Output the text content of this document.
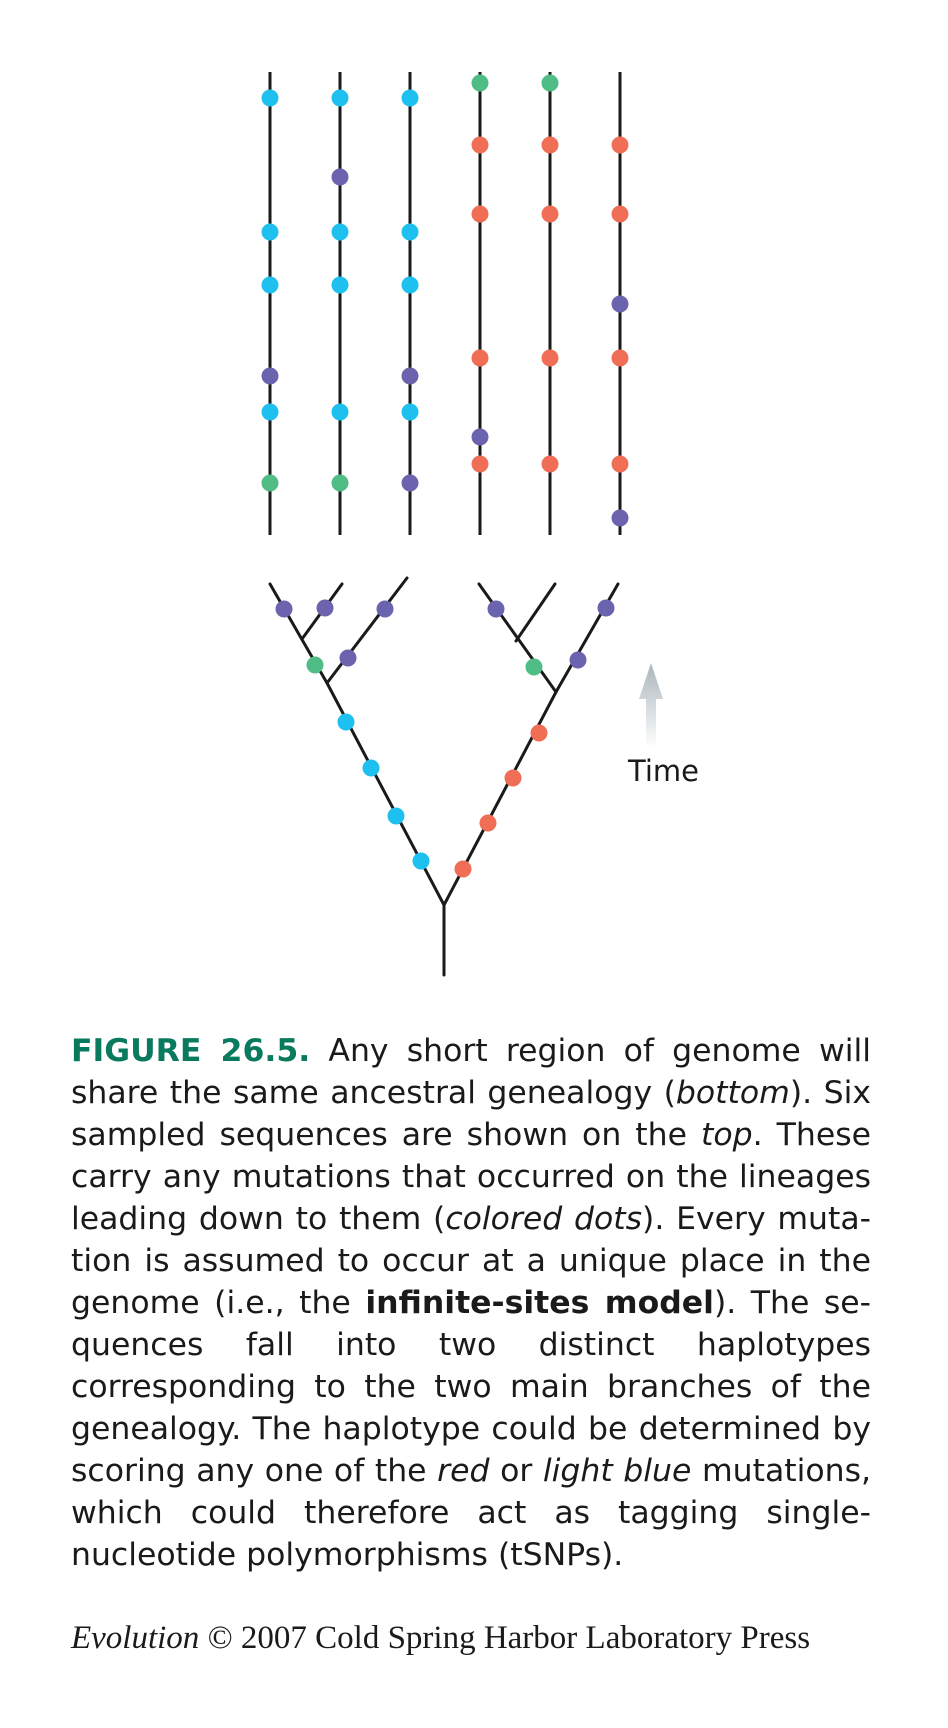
Time

FIGURE 26.5. Any short region of genome will share the same ancestral genealogy (bottom). Six sampled sequences are shown on the top. These carry any mutations that occurred on the lineages leading down to them (colored dots). Every mutation is assumed to occur at a unique place in the genome (i.e., the infinite-sites model). The sequences fall into two distinct haplotypes corresponding to the two main branches of the genealogy. The haplotype could be determined by scoring any one of the red or light blue mutations, which could therefore act as tagging single-nucleotide polymorphisms (tSNPs).

Evolution © 2007 Cold Spring Harbor Laboratory Press
